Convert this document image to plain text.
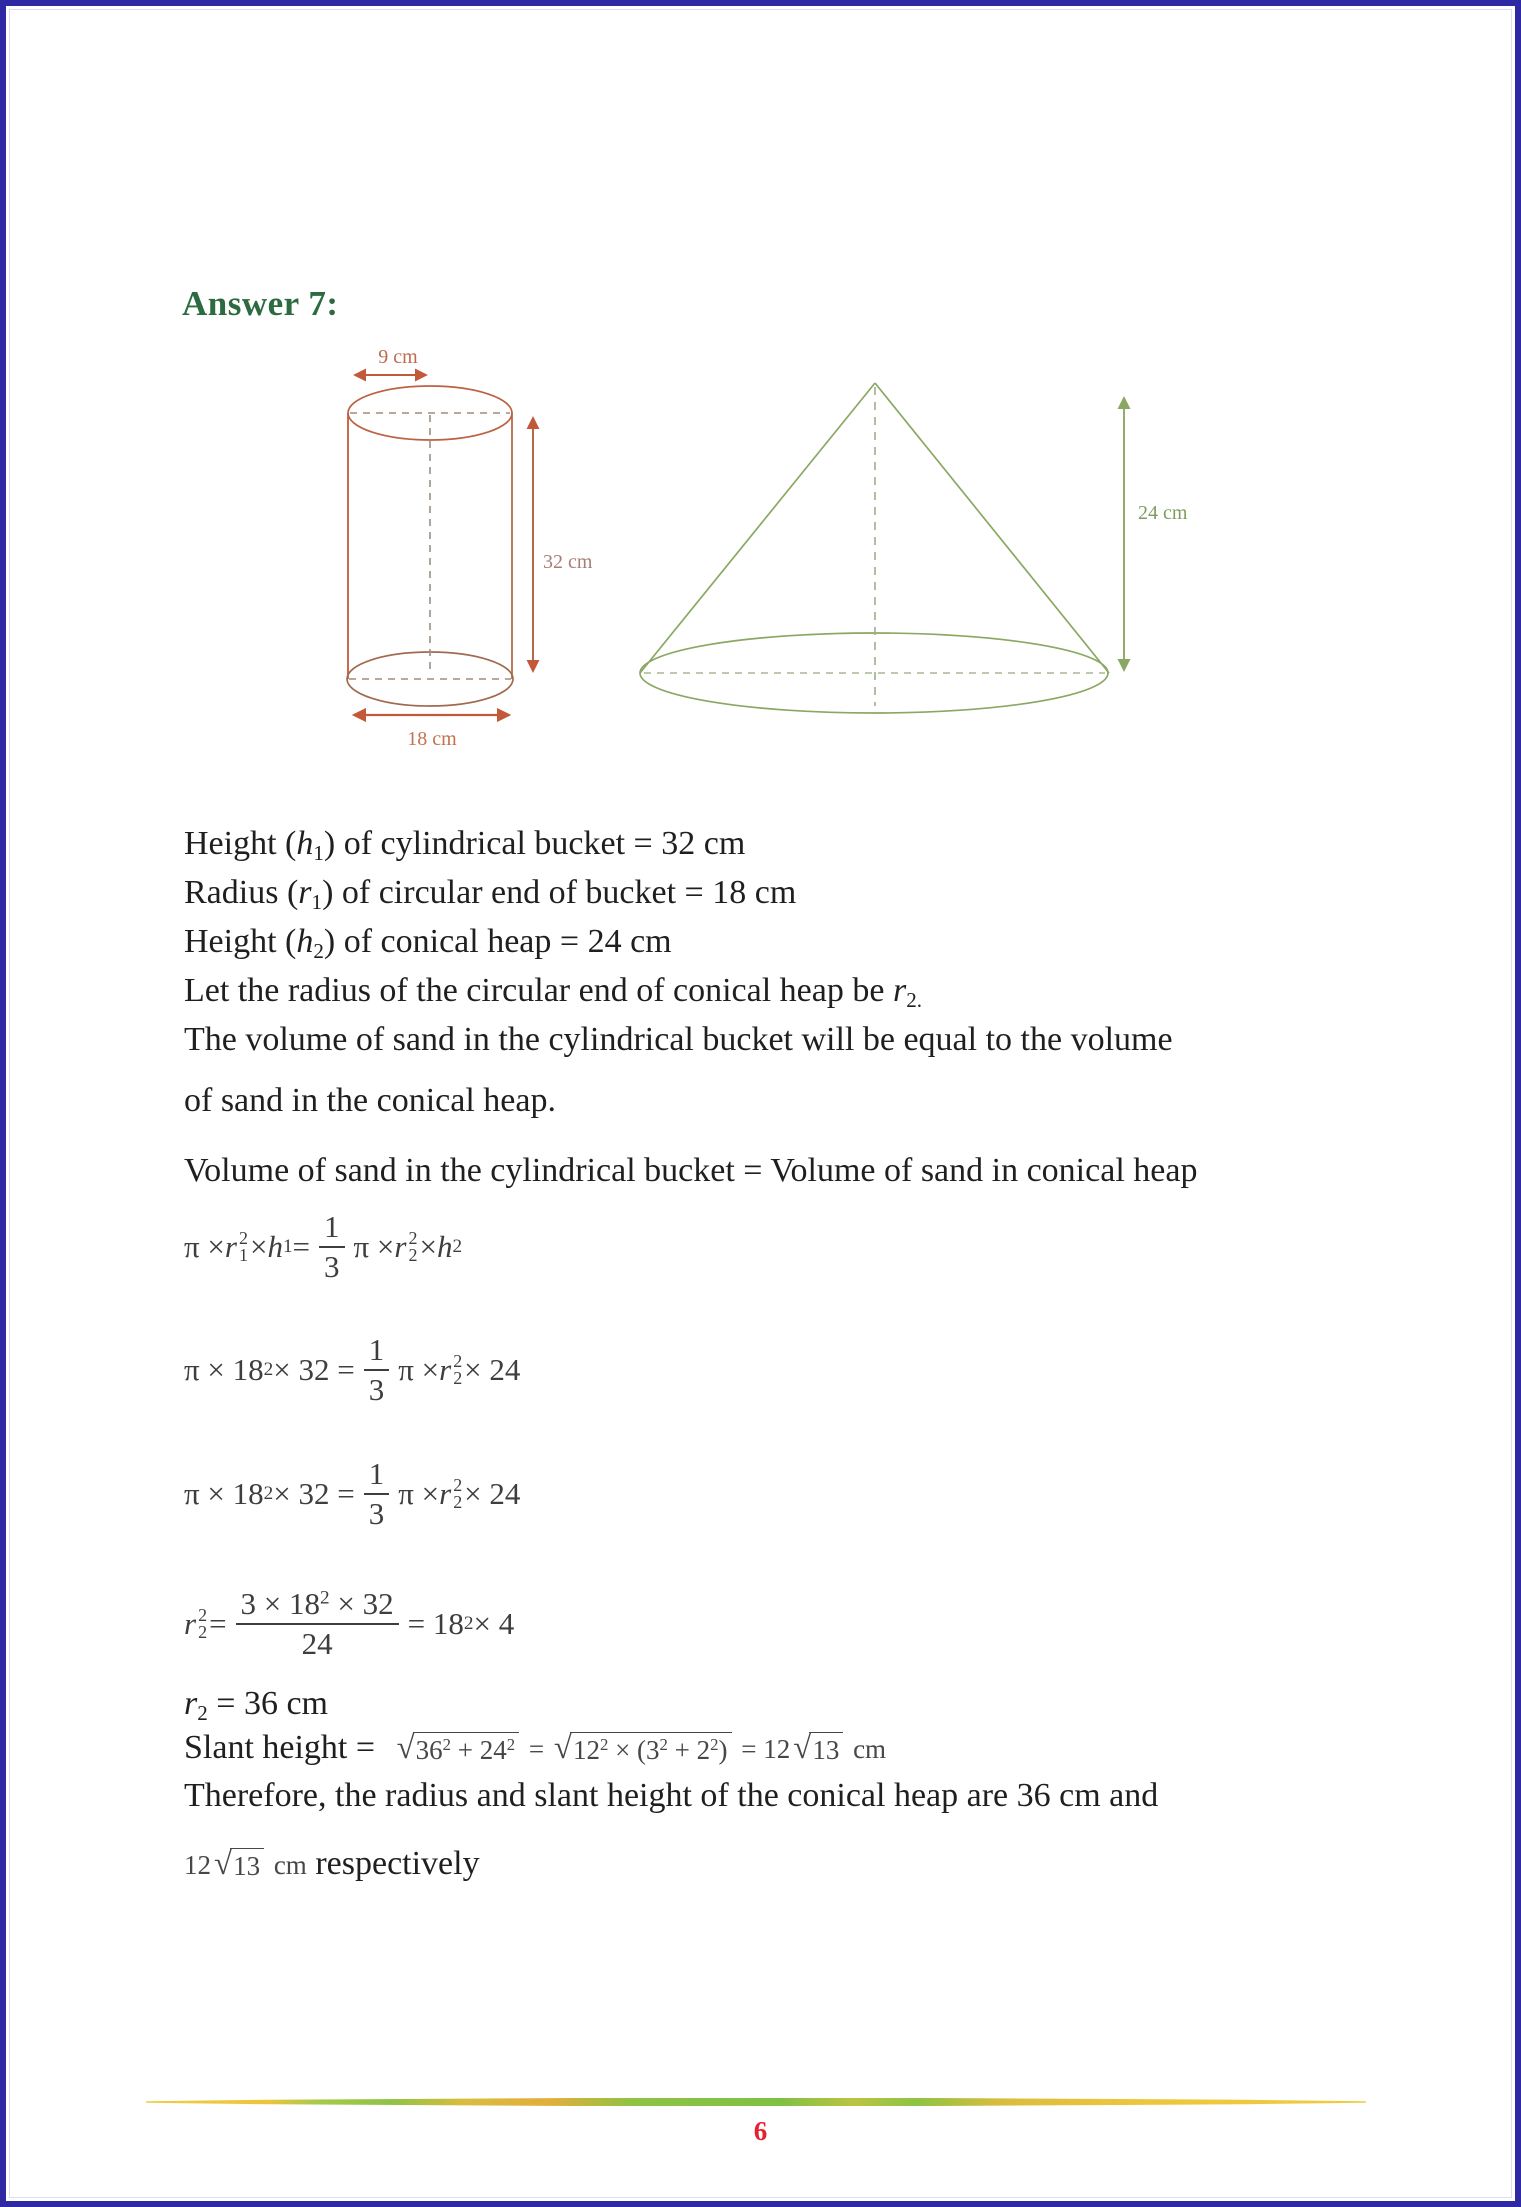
Answer 7:
9 cm
32 cm
18 cm
24 cm
Height $(h_1)$ of cylindrical bucket = 32 cm
Radius $(r_1)$ of circular end of bucket = 18 cm
Height $(h_2)$ of conical heap = 24 cm
Let the radius of the circular end of conical heap be $r_{2.}$
The volume of sand in the cylindrical bucket will be equal to the volume
of sand in the conical heap.
Volume of sand in the cylindrical bucket = Volume of sand in conical heap
π × r 2
1 × h $1 = \frac{1}{3}$ π × r 2
2 × h 2
π × 18 $2 \times 32 = \frac{1}{3}$ π × r 2
2 × 24
π × 18 $2 \times 32 = \frac{1}{3}$ π × r 2
2 × 24
r 2
$2 = \frac{3 \times 18^2 \times 32}{24} = 18$ 2 × 4
$r_2 = 36$ cm
Slant height = √ $36^2 + 24^2$ = √ $12^2 \times (3^2 + 2^2) = 12$ √ 13 cm
Therefore, the radius and slant height of the conical heap are 36 cm and
12 √ 13 cm respectively
6
